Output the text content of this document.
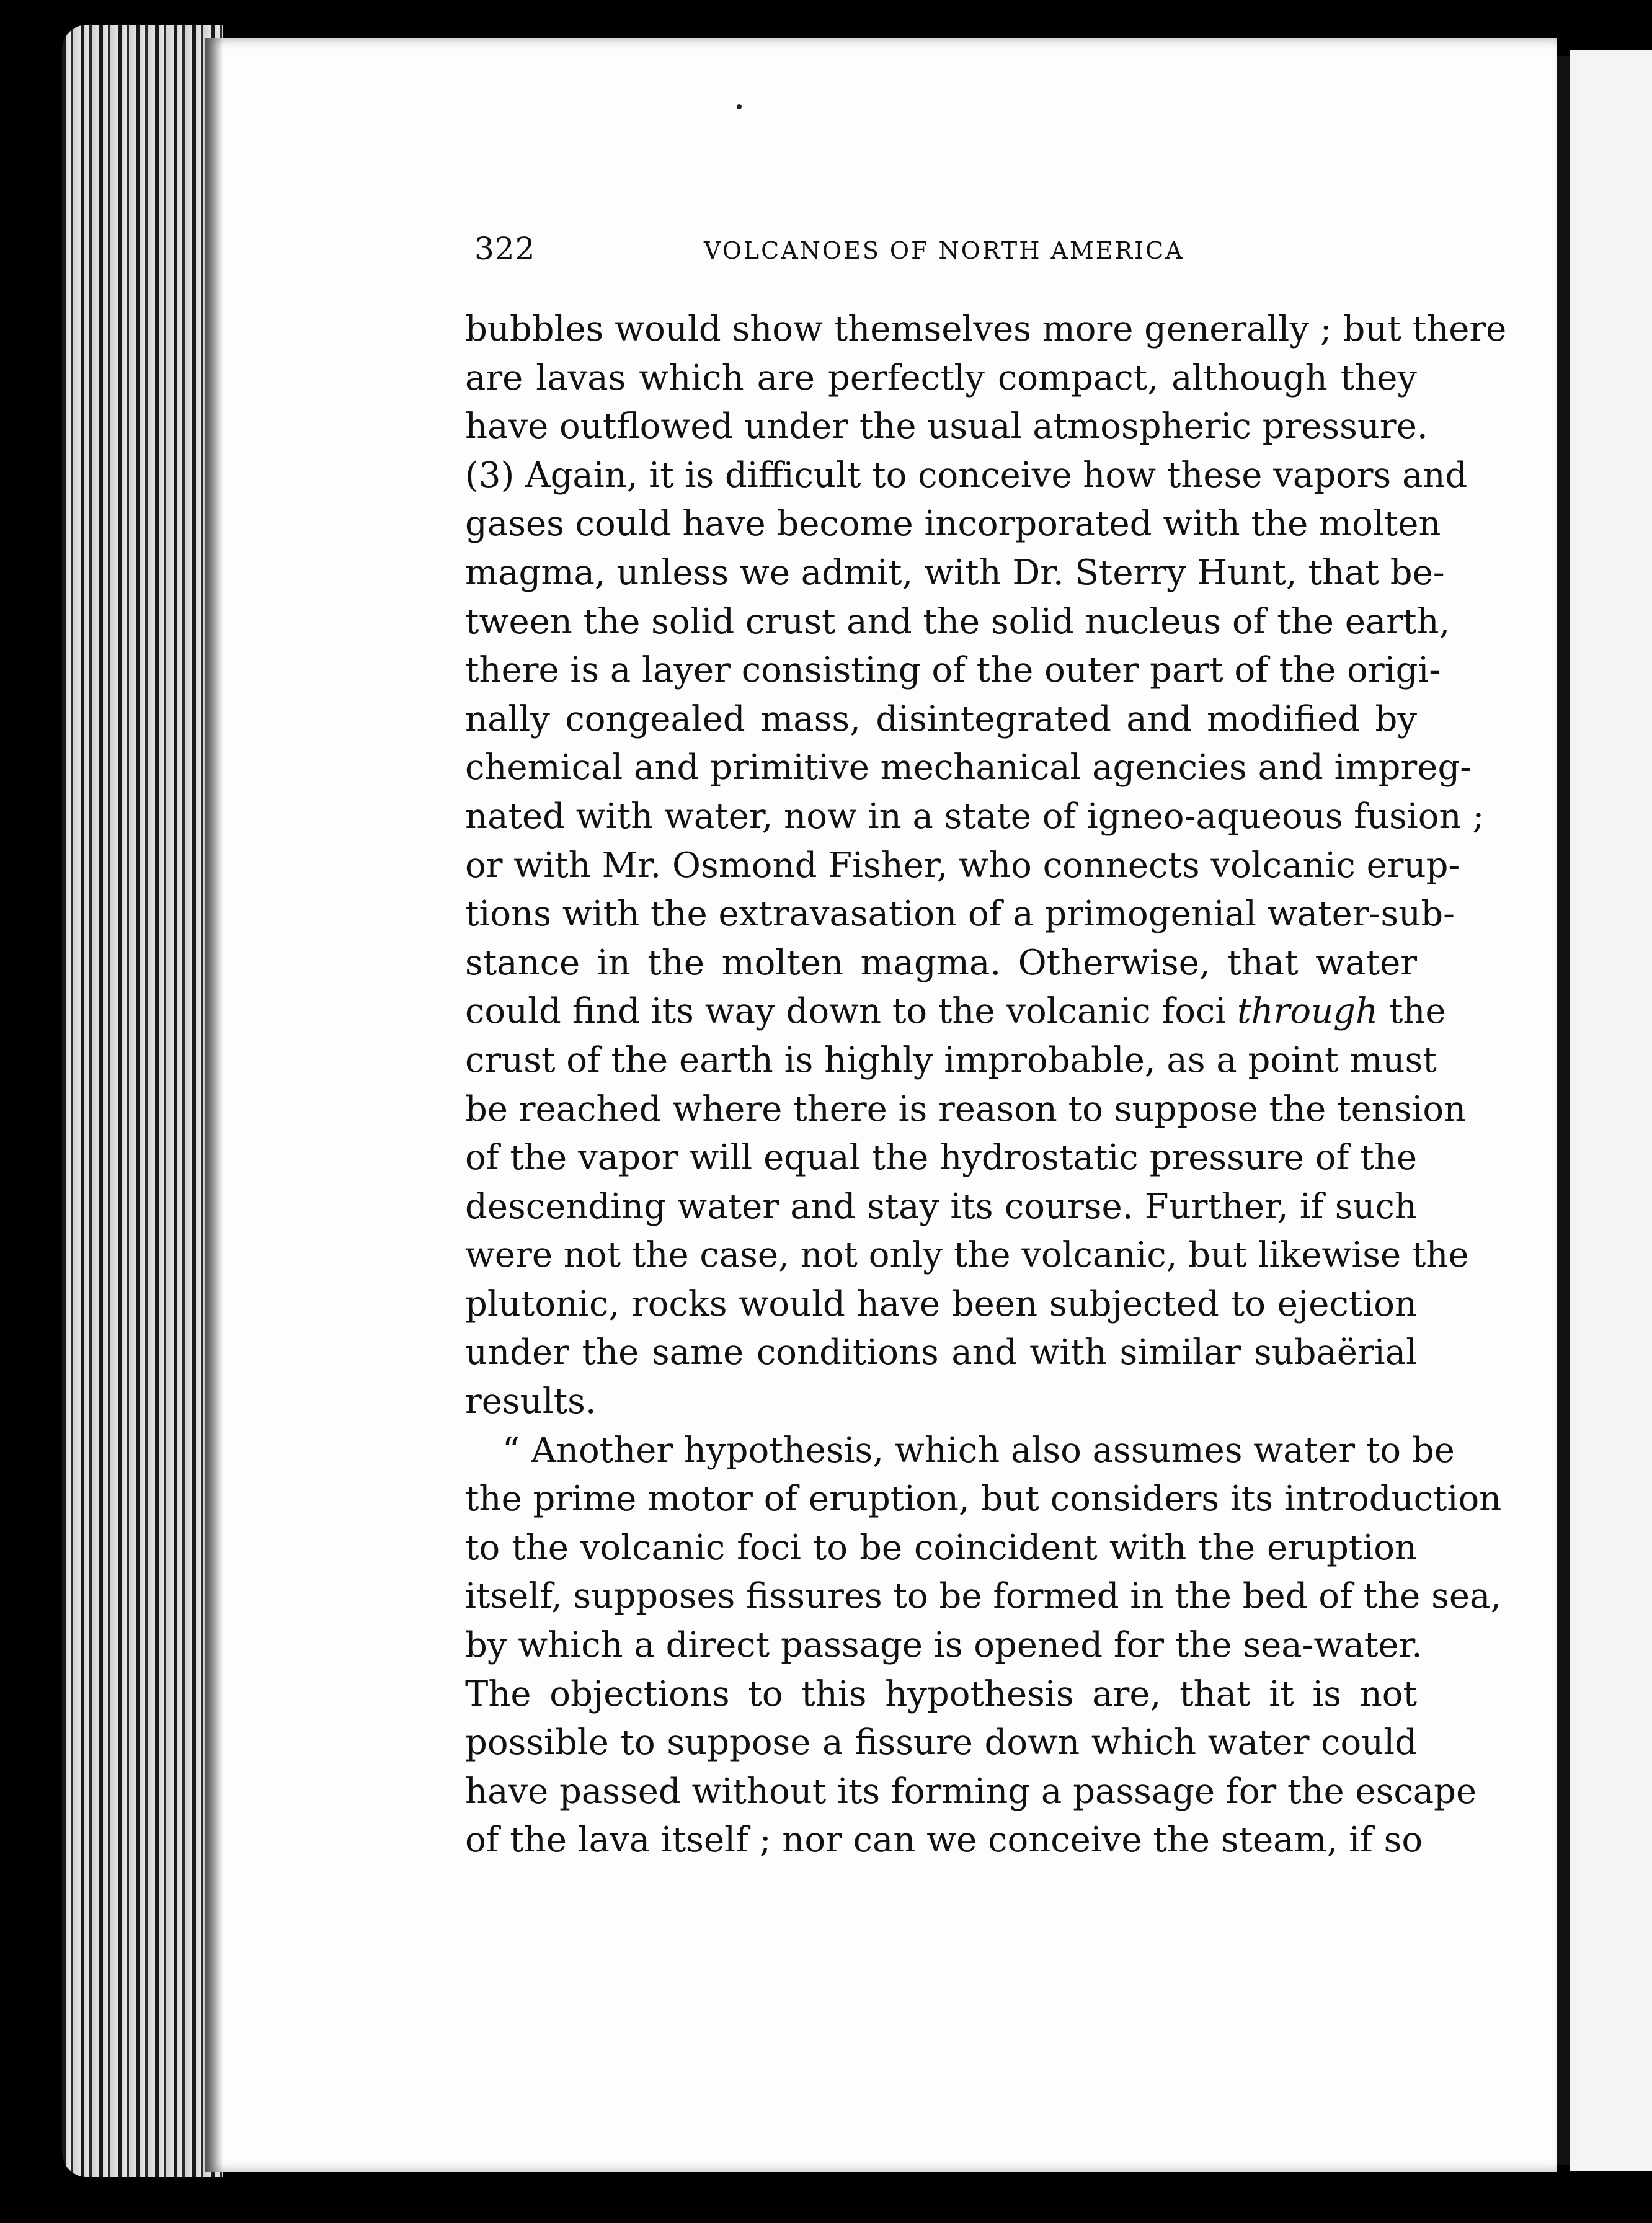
322	VOLCANOES OF NORTH AMERICA
bubbles would show themselves more generally ; but there
are lavas which are perfectly compact, although they
have outflowed under the usual atmospheric pressure.
(3) Again, it is difficult to conceive how these vapors and
gases could have become incorporated with the molten
magma, unless we admit, with Dr. Sterry Hunt, that be-
tween the solid crust and the solid nucleus of the earth,
there is a layer consisting of the outer part of the origi-
nally congealed mass, disintegrated and modified by
chemical and primitive mechanical agencies and impreg-
nated with water, now in a state of igneo-aqueous fusion ;
or with Mr. Osmond Fisher, who connects volcanic erup-
tions with the extravasation of a primogenial water-sub-
stance in the molten magma. Otherwise, that water
could find its way down to the volcanic foci through the
crust of the earth is highly improbable, as a point must
be reached where there is reason to suppose the tension
of the vapor will equal the hydrostatic pressure of the
descending water and stay its course. Further, if such
were not the case, not only the volcanic, but likewise the
plutonic, rocks would have been subjected to ejection
under the same conditions and with similar subaërial
results.
“ Another hypothesis, which also assumes water to be
the prime motor of eruption, but considers its introduction
to the volcanic foci to be coincident with the eruption
itself, supposes fissures to be formed in the bed of the sea,
by which a direct passage is opened for the sea-water.
The objections to this hypothesis are, that it is not
possible to suppose a fissure down which water could
have passed without its forming a passage for the escape
of the lava itself ; nor can we conceive the steam, if so
